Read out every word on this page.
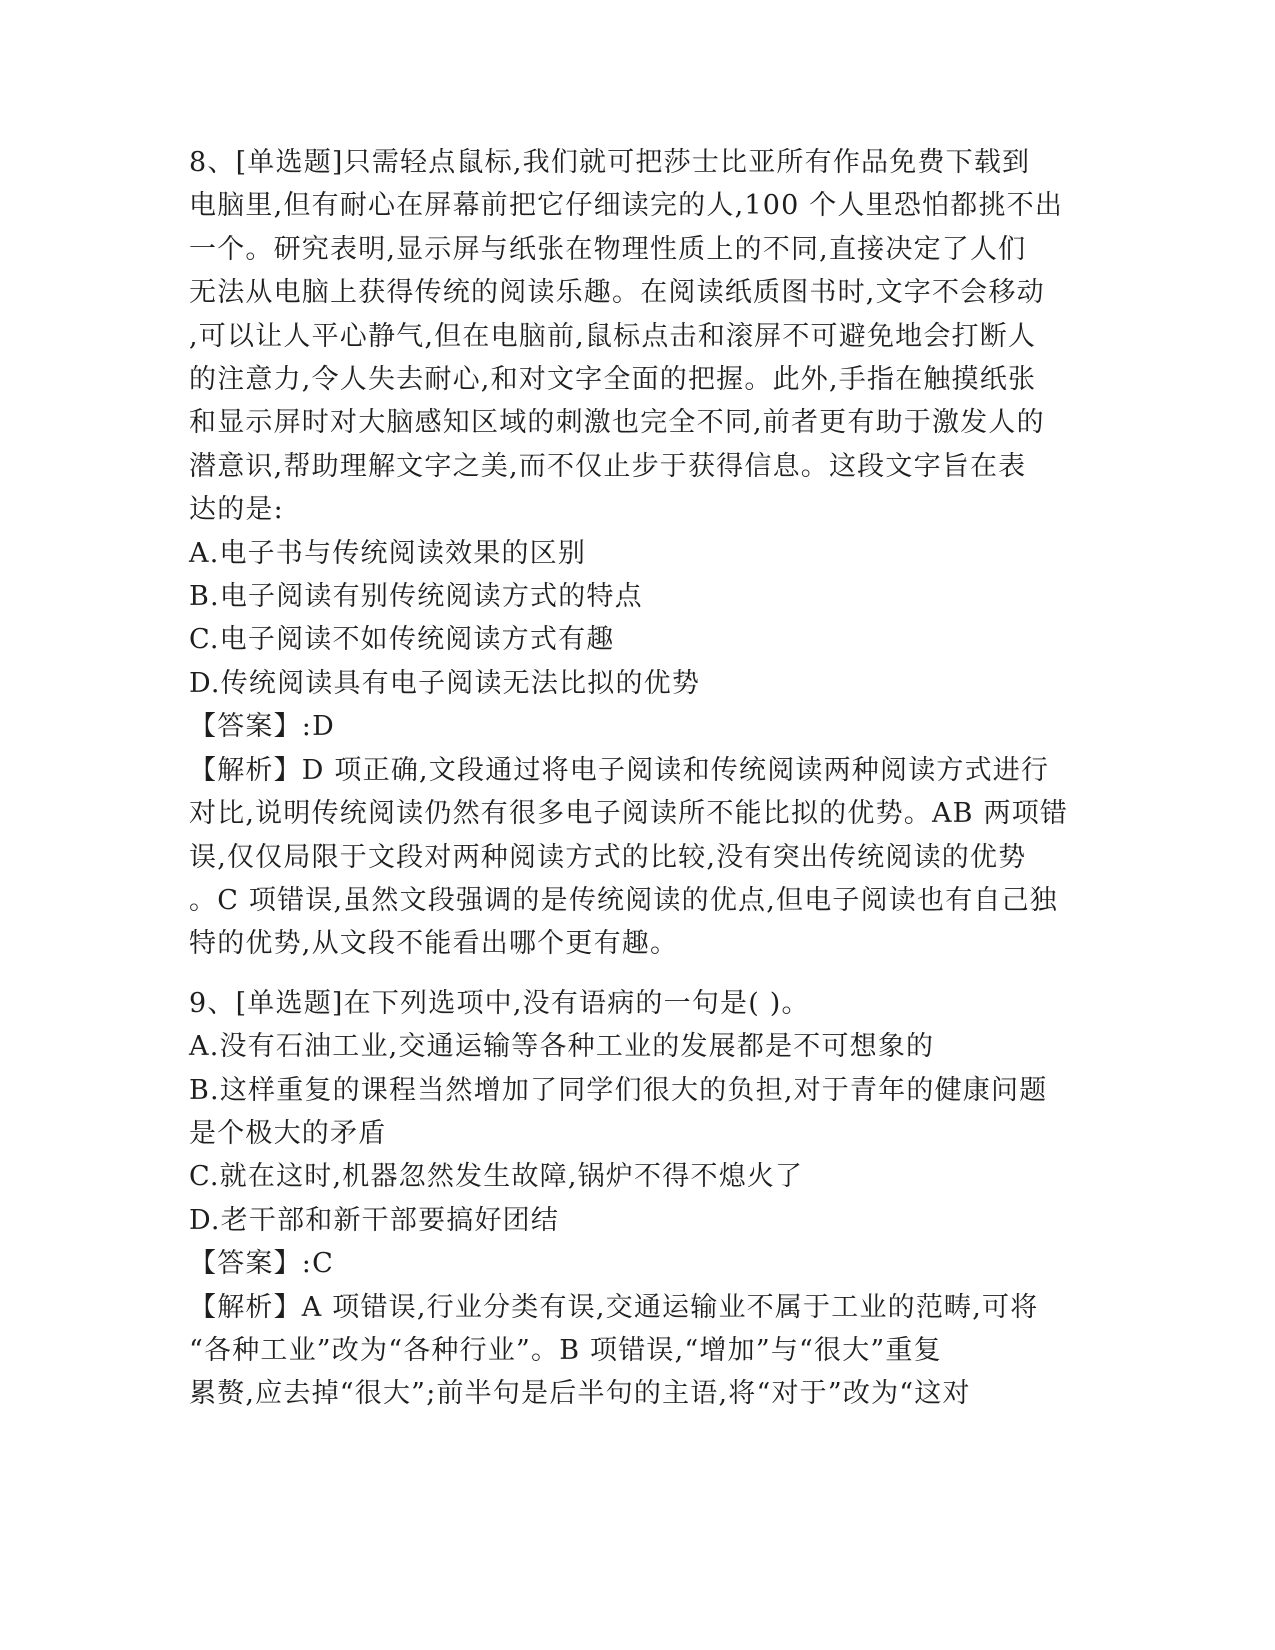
8、[单选题]只需轻点鼠标,我们就可把莎士比亚所有作品免费下载到
电脑里,但有耐心在屏幕前把它仔细读完的人,100 个人里恐怕都挑不出
一个。研究表明,显示屏与纸张在物理性质上的不同,直接决定了人们
无法从电脑上获得传统的阅读乐趣。在阅读纸质图书时,文字不会移动
,可以让人平心静气,但在电脑前,鼠标点击和滚屏不可避免地会打断人
的注意力,令人失去耐心,和对文字全面的把握。此外,手指在触摸纸张
和显示屏时对大脑感知区域的刺激也完全不同,前者更有助于激发人的
潜意识,帮助理解文字之美,而不仅止步于获得信息。这段文字旨在表
达的是:
A.电子书与传统阅读效果的区别
B.电子阅读有别传统阅读方式的特点
C.电子阅读不如传统阅读方式有趣
D.传统阅读具有电子阅读无法比拟的优势
【答案】:D
【解析】D 项正确,文段通过将电子阅读和传统阅读两种阅读方式进行
对比,说明传统阅读仍然有很多电子阅读所不能比拟的优势。AB 两项错
误,仅仅局限于文段对两种阅读方式的比较,没有突出传统阅读的优势
。C 项错误,虽然文段强调的是传统阅读的优点,但电子阅读也有自己独
特的优势,从文段不能看出哪个更有趣。
9、[单选题]在下列选项中,没有语病的一句是( )。
A.没有石油工业,交通运输等各种工业的发展都是不可想象的
B.这样重复的课程当然增加了同学们很大的负担,对于青年的健康问题
是个极大的矛盾
C.就在这时,机器忽然发生故障,锅炉不得不熄火了
D.老干部和新干部要搞好团结
【答案】:C
【解析】A 项错误,行业分类有误,交通运输业不属于工业的范畴,可将
“各种工业”改为“各种行业”。B 项错误,“增加”与“很大”重复
累赘,应去掉“很大”;前半句是后半句的主语,将“对于”改为“这对
